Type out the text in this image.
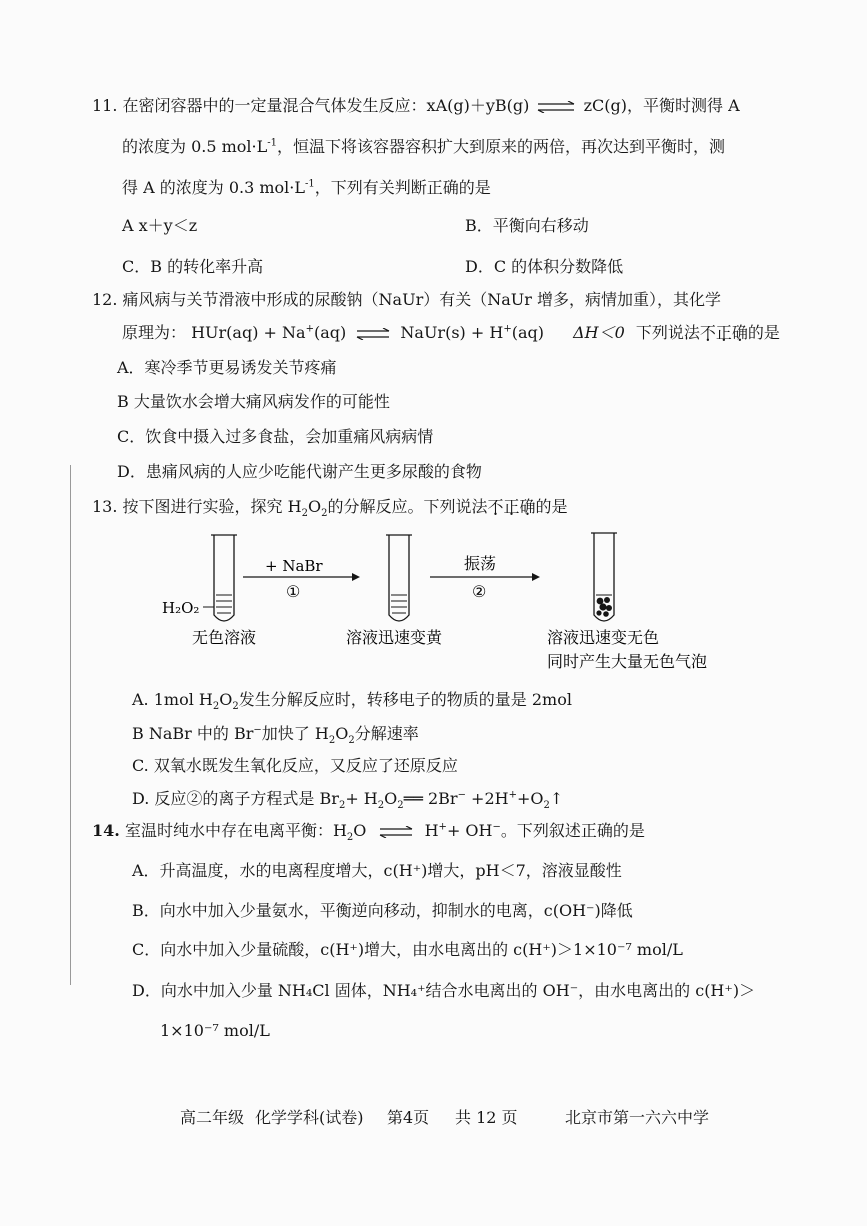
11. 在密闭容器中的一定量混合气体发生反应：xA(g)＋yB(g) ⇌ zC(g)，平衡时测得 A
的浓度为 0.5 $mol\cdot L^{-1}$，恒温下将该容器容积扩大到原来的两倍，再次达到平衡时，测
得 A 的浓度为 0.3 $mol\cdot L^{-1}$，下列有关判断正确的是
A x＋y＜z	B．平衡向右移动
C．B 的转化率升高	D．C 的体积分数降低
12. 痛风病与关节滑液中形成的尿酸钠（NaUr）有关（NaUr 增多，病情加重），其化学
原理为： HUr(aq) + Na+(aq) ⇌ NaUr(s) + H+(aq) ΔH＜0 下列说法不正确的是
A．寒冷季节更易诱发关节疼痛
B 大量饮水会增大痛风病发作的可能性
C．饮食中摄入过多食盐，会加重痛风病病情
D．患痛风病的人应少吃能代谢产生更多尿酸的食物
13. 按下图进行实验，探究 $H_2O_2$的分解反应。下列说法不正确的是
+ NaBr
①
H₂O₂
振荡
②
无色溶液	溶液迅速变黄	溶液迅速变无色
同时产生大量无色气泡
A. 1mol $H_2O_2$发生分解反应时，转移电子的物质的量是 2mol
B NaBr 中的 Br−加快了 $H_2O_2$分解速率
C. 双氧水既发生氧化反应，又反应了还原反应
D. 反应②的离子方程式是 $Br_2+$ $H_2O_2══$ $2Br^- +2H^++O_2↑$
14. 室温时纯水中存在电离平衡：$H_2O$ ⇌ H++ OH−。下列叙述正确的是
A．升高温度，水的电离程度增大，c(H⁺)增大，pH＜7，溶液显酸性
B．向水中加入少量氨水，平衡逆向移动，抑制水的电离，c(OH⁻)降低
C．向水中加入少量硫酸，c(H⁺)增大，由水电离出的 c(H⁺)＞1×10⁻⁷ mol/L
D．向水中加入少量 NH₄Cl 固体，NH₄⁺结合水电离出的 OH⁻，由水电离出的 c(H⁺)＞
1×10⁻⁷ mol/L
高二年级 化学学科(试卷) 第4页 共 12 页	北京市第一六六中学
